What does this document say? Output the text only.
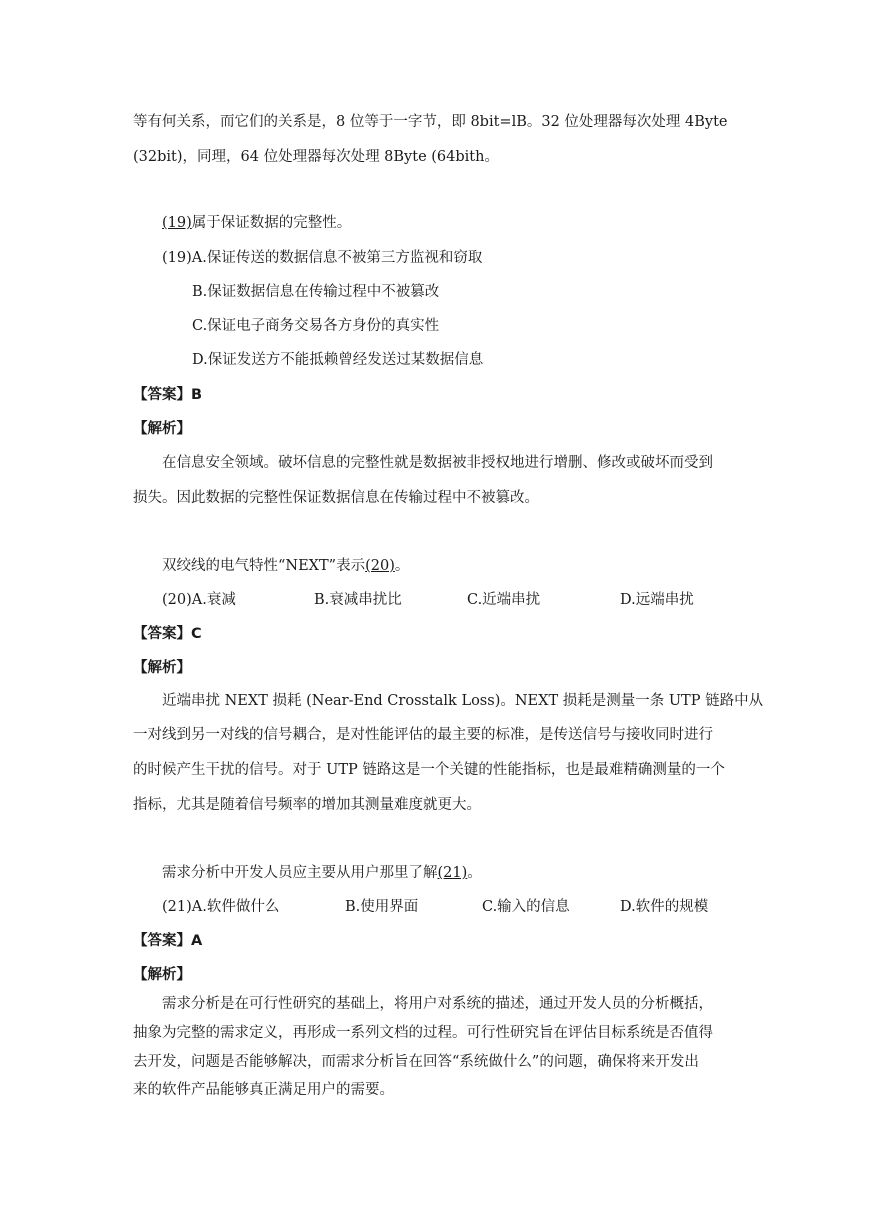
等有何关系，而它们的关系是，8 位等于一字节，即 8bit=lB。32 位处理器每次处理 4Byte
(32bit)，同理，64 位处理器每次处理 8Byte (64bith。
(19)属于保证数据的完整性。
(19)A.保证传送的数据信息不被第三方监视和窃取
B.保证数据信息在传输过程中不被篡改
C.保证电子商务交易各方身份的真实性
D.保证发送方不能抵赖曾经发送过某数据信息
【答案】B
【解析】
在信息安全领域。破坏信息的完整性就是数据被非授权地进行增删、修改或破坏而受到
损失。因此数据的完整性保证数据信息在传输过程中不被篡改。
双绞线的电气特性“NEXT”表示(20)。
(20)A.衰减	B.衰减串扰比	C.近端串扰	D.远端串扰
【答案】C
【解析】
近端串扰 NEXT 损耗 (Near-End Crosstalk Loss)。NEXT 损耗是测量一条 UTP 链路中从
一对线到另一对线的信号耦合，是对性能评估的最主要的标准，是传送信号与接收同时进行
的时候产生干扰的信号。对于 UTP 链路这是一个关键的性能指标，也是最难精确测量的一个
指标，尤其是随着信号频率的增加其测量难度就更大。
需求分析中开发人员应主要从用户那里了解(21)。
(21)A.软件做什么	B.使用界面	C.输入的信息	D.软件的规模
【答案】A
【解析】
需求分析是在可行性研究的基础上，将用户对系统的描述，通过开发人员的分析概括，
抽象为完整的需求定义，再形成一系列文档的过程。可行性研究旨在评估目标系统是否值得
去开发，问题是否能够解决，而需求分析旨在回答“系统做什么”的问题，确保将来开发出
来的软件产品能够真正满足用户的需要。
